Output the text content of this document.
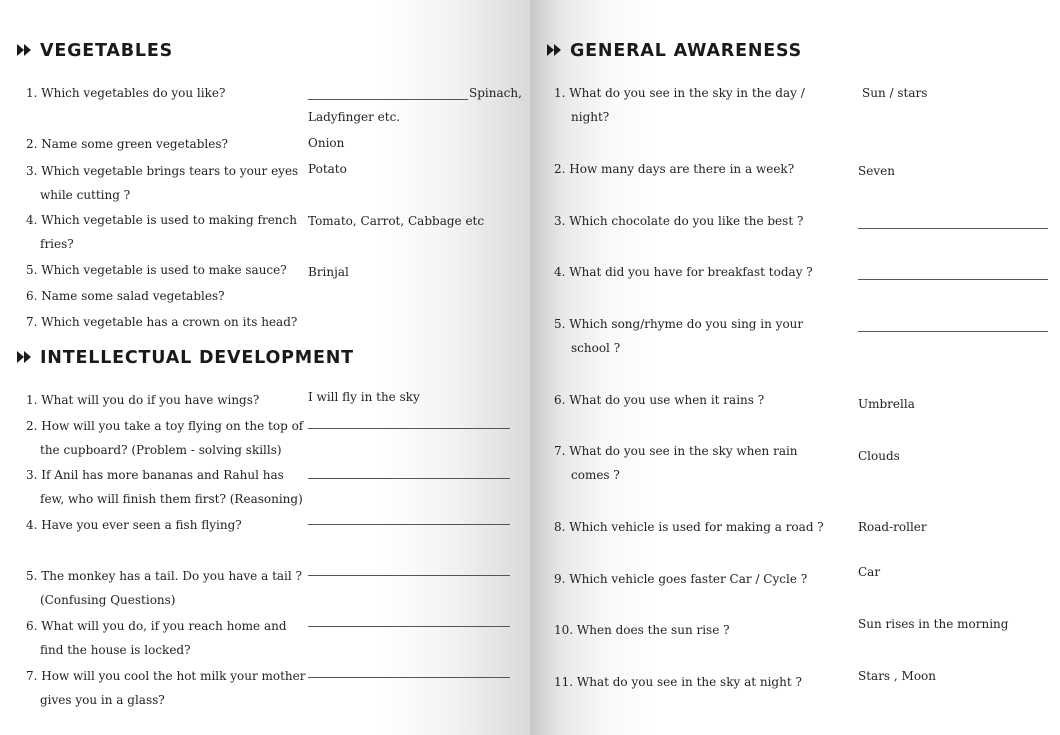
VEGETABLES
1. Which vegetables do you like?
2. Name some green vegetables?
3. Which vegetable brings tears to your eyes
while cutting ?
4. Which vegetable is used to making french
fries?
5. Which vegetable is used to make sauce?
6. Name some salad vegetables?
7. Which vegetable has a crown on its head?
Spinach,
Ladyfinger etc.
Onion
Potato
Tomato, Carrot, Cabbage etc
Brinjal
INTELLECTUAL DEVELOPMENT
1. What will you do if you have wings?
2. How will you take a toy flying on the top of
the cupboard? (Problem - solving skills)
3. If Anil has more bananas and Rahul has
few, who will finish them first? (Reasoning)
4. Have you ever seen a fish flying?
5. The monkey has a tail. Do you have a tail ?
(Confusing Questions)
6. What will you do, if you reach home and
find the house is locked?
7. How will you cool the hot milk your mother
gives you in a glass?
I will fly in the sky
GENERAL AWARENESS
1. What do you see in the sky in the day /
night?
2. How many days are there in a week?
3. Which chocolate do you like the best ?
4. What did you have for breakfast today ?
5. Which song/rhyme do you sing in your
school ?
6. What do you use when it rains ?
7. What do you see in the sky when rain
comes ?
8. Which vehicle is used for making a road ?
9. Which vehicle goes faster Car / Cycle ?
10. When does the sun rise ?
11. What do you see in the sky at night ?
Sun / stars
Seven
Umbrella
Clouds
Road-roller
Car
Sun rises in the morning
Stars , Moon
